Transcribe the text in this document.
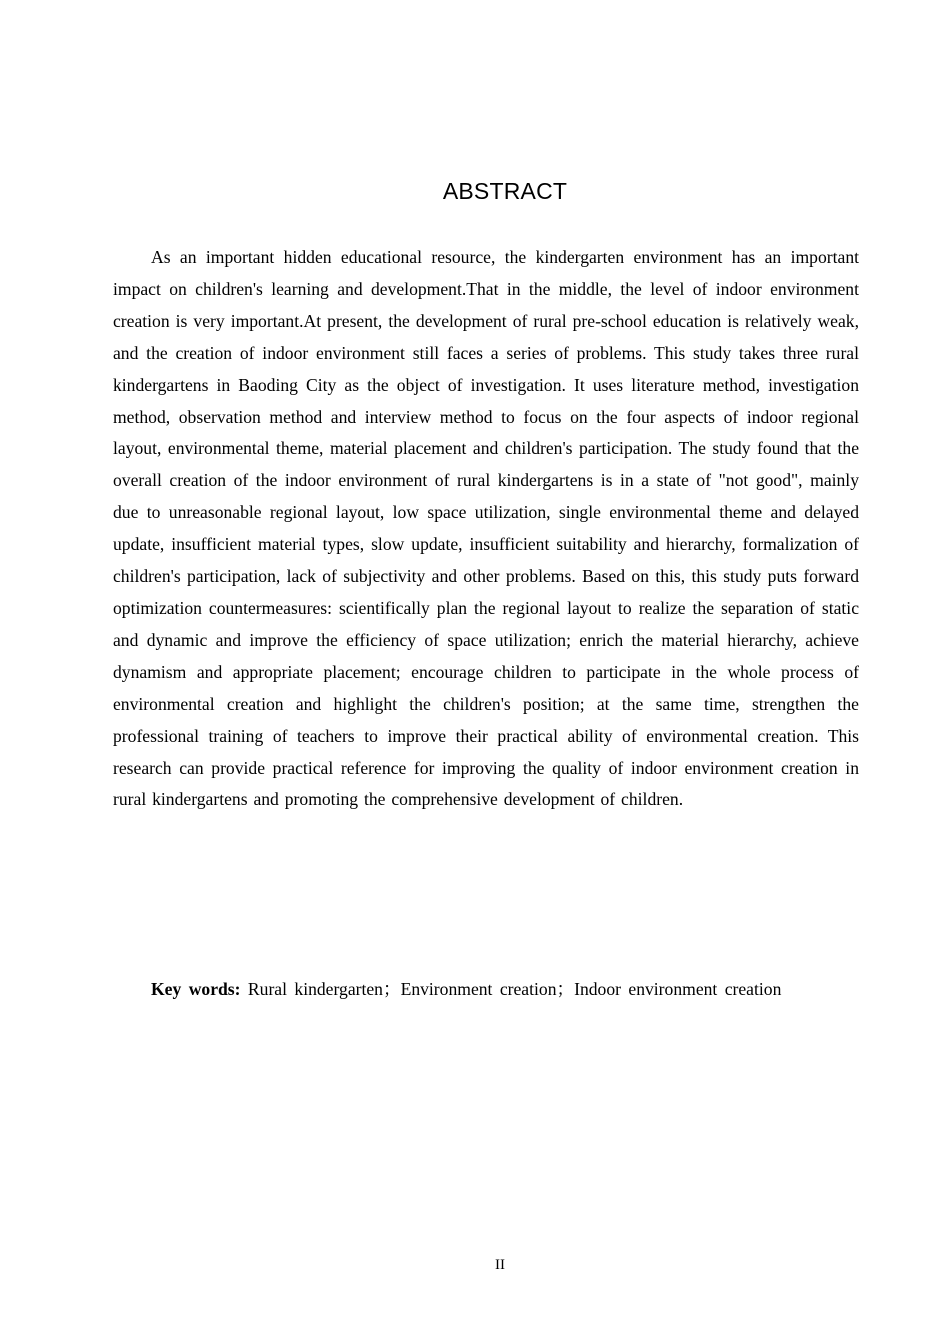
ABSTRACT

As an important hidden educational resource, the kindergarten environment has an important impact on children's learning and development.That in the middle, the level of indoor environment creation is very important.At present, the development of rural pre-school education is relatively weak, and the creation of indoor environment still faces a series of problems. This study takes three rural kindergartens in Baoding City as the object of investigation. It uses literature method, investigation method, observation method and interview method to focus on the four aspects of indoor regional layout, environmental theme, material placement and children's participation. The study found that the overall creation of the indoor environment of rural kindergartens is in a state of "not good", mainly due to unreasonable regional layout, low space utilization, single environmental theme and delayed update, insufficient material types, slow update, insufficient suitability and hierarchy, formalization of children's participation, lack of subjectivity and other problems. Based on this, this study puts forward optimization countermeasures: scientifically plan the regional layout to realize the separation of static and dynamic and improve the efficiency of space utilization; enrich the material hierarchy, achieve dynamism and appropriate placement; encourage children to participate in the whole process of environmental creation and highlight the children's position; at the same time, strengthen the professional training of teachers to improve their practical ability of environmental creation. This research can provide practical reference for improving the quality of indoor environment creation in rural kindergartens and promoting the comprehensive development of children.

Key words: Rural kindergarten；Environment creation；Indoor environment creation

II
